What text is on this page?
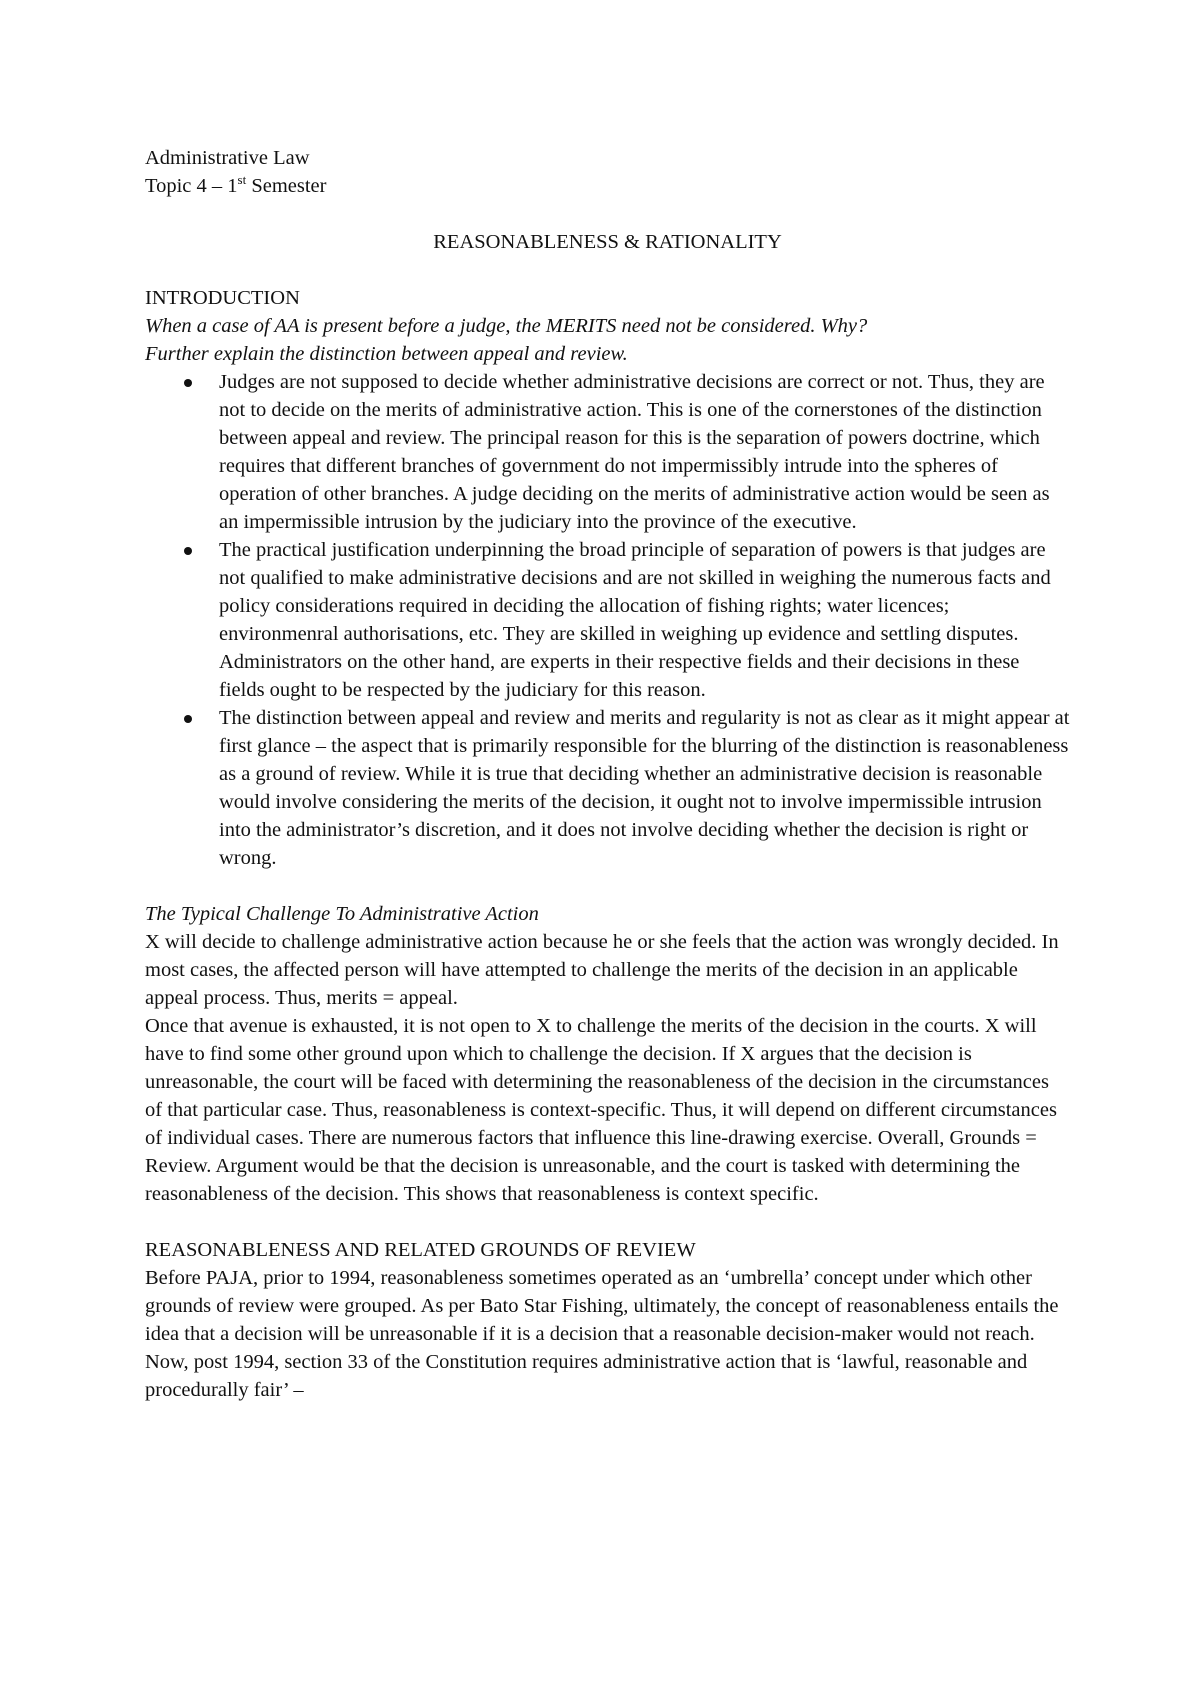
Administrative Law

Topic 4 – 1st Semester

REASONABLENESS & RATIONALITY

INTRODUCTION

When a case of AA is present before a judge, the MERITS need not be considered. Why?

Further explain the distinction between appeal and review.

Judges are not supposed to decide whether administrative decisions are correct or not. Thus, they are not to decide on the merits of administrative action. This is one of the cornerstones of the distinction between appeal and review. The principal reason for this is the separation of powers doctrine, which requires that different branches of government do not impermissibly intrude into the spheres of operation of other branches. A judge deciding on the merits of administrative action would be seen as an impermissible intrusion by the judiciary into the province of the executive.
The practical justification underpinning the broad principle of separation of powers is that judges are not qualified to make administrative decisions and are not skilled in weighing the numerous facts and policy considerations required in deciding the allocation of fishing rights; water licences; environmenral authorisations, etc. They are skilled in weighing up evidence and settling disputes. Administrators on the other hand, are experts in their respective fields and their decisions in these fields ought to be respected by the judiciary for this reason.
The distinction between appeal and review and merits and regularity is not as clear as it might appear at first glance – the aspect that is primarily responsible for the blurring of the distinction is reasonableness as a ground of review. While it is true that deciding whether an administrative decision is reasonable would involve considering the merits of the decision, it ought not to involve impermissible intrusion into the administrator’s discretion, and it does not involve deciding whether the decision is right or wrong.

The Typical Challenge To Administrative Action

X will decide to challenge administrative action because he or she feels that the action was wrongly decided. In most cases, the affected person will have attempted to challenge the merits of the decision in an applicable appeal process. Thus, merits = appeal.

Once that avenue is exhausted, it is not open to X to challenge the merits of the decision in the courts. X will have to find some other ground upon which to challenge the decision. If X argues that the decision is unreasonable, the court will be faced with determining the reasonableness of the decision in the circumstances of that particular case. Thus, reasonableness is context-specific. Thus, it will depend on different circumstances of individual cases. There are numerous factors that influence this line-drawing exercise. Overall, Grounds = Review. Argument would be that the decision is unreasonable, and the court is tasked with determining the reasonableness of the decision. This shows that reasonableness is context specific.

REASONABLENESS AND RELATED GROUNDS OF REVIEW

Before PAJA, prior to 1994, reasonableness sometimes operated as an ‘umbrella’ concept under which other grounds of review were grouped. As per Bato Star Fishing, ultimately, the concept of reasonableness entails the idea that a decision will be unreasonable if it is a decision that a reasonable decision-maker would not reach. Now, post 1994, section 33 of the Constitution requires administrative action that is ‘lawful, reasonable and procedurally fair’ –
